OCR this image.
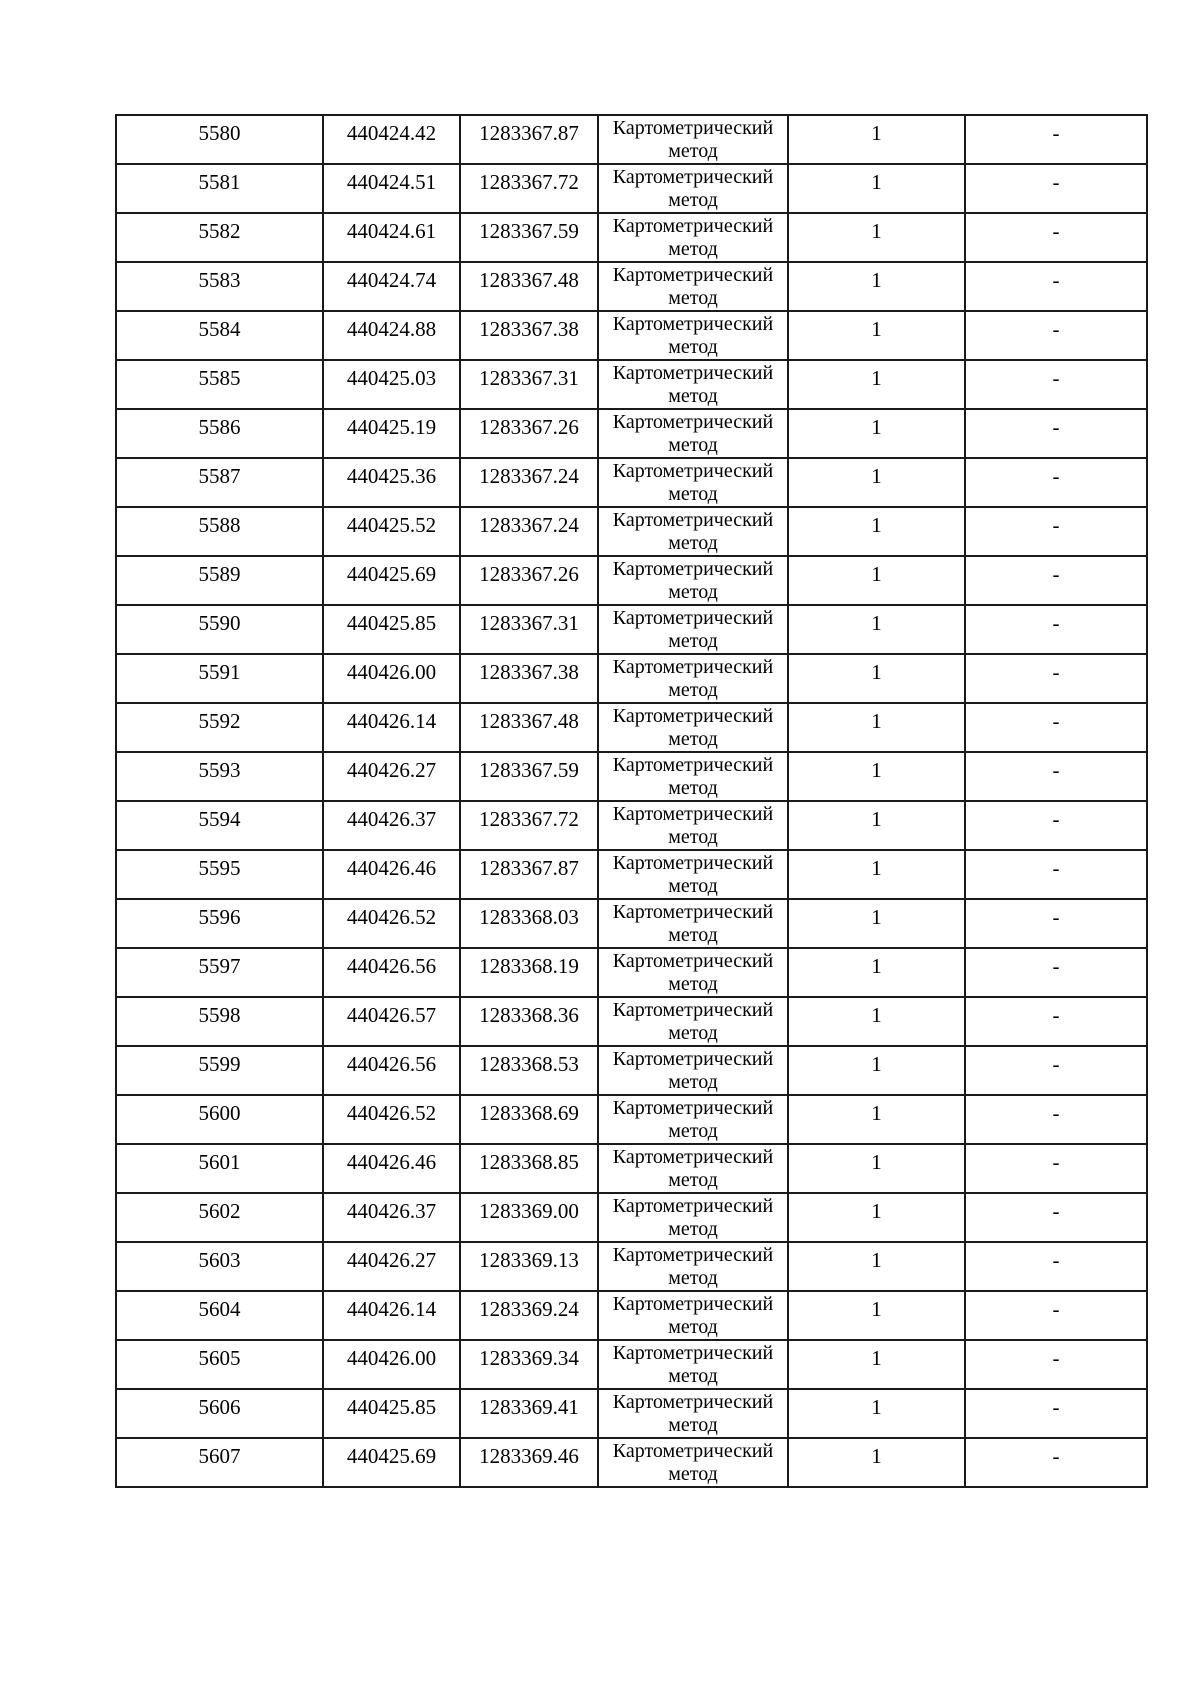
5580	440424.42	1283367.87	Картометрический метод	1	-
5581	440424.51	1283367.72	Картометрический метод	1	-
5582	440424.61	1283367.59	Картометрический метод	1	-
5583	440424.74	1283367.48	Картометрический метод	1	-
5584	440424.88	1283367.38	Картометрический метод	1	-
5585	440425.03	1283367.31	Картометрический метод	1	-
5586	440425.19	1283367.26	Картометрический метод	1	-
5587	440425.36	1283367.24	Картометрический метод	1	-
5588	440425.52	1283367.24	Картометрический метод	1	-
5589	440425.69	1283367.26	Картометрический метод	1	-
5590	440425.85	1283367.31	Картометрический метод	1	-
5591	440426.00	1283367.38	Картометрический метод	1	-
5592	440426.14	1283367.48	Картометрический метод	1	-
5593	440426.27	1283367.59	Картометрический метод	1	-
5594	440426.37	1283367.72	Картометрический метод	1	-
5595	440426.46	1283367.87	Картометрический метод	1	-
5596	440426.52	1283368.03	Картометрический метод	1	-
5597	440426.56	1283368.19	Картометрический метод	1	-
5598	440426.57	1283368.36	Картометрический метод	1	-
5599	440426.56	1283368.53	Картометрический метод	1	-
5600	440426.52	1283368.69	Картометрический метод	1	-
5601	440426.46	1283368.85	Картометрический метод	1	-
5602	440426.37	1283369.00	Картометрический метод	1	-
5603	440426.27	1283369.13	Картометрический метод	1	-
5604	440426.14	1283369.24	Картометрический метод	1	-
5605	440426.00	1283369.34	Картометрический метод	1	-
5606	440425.85	1283369.41	Картометрический метод	1	-
5607	440425.69	1283369.46	Картометрический метод	1	-
